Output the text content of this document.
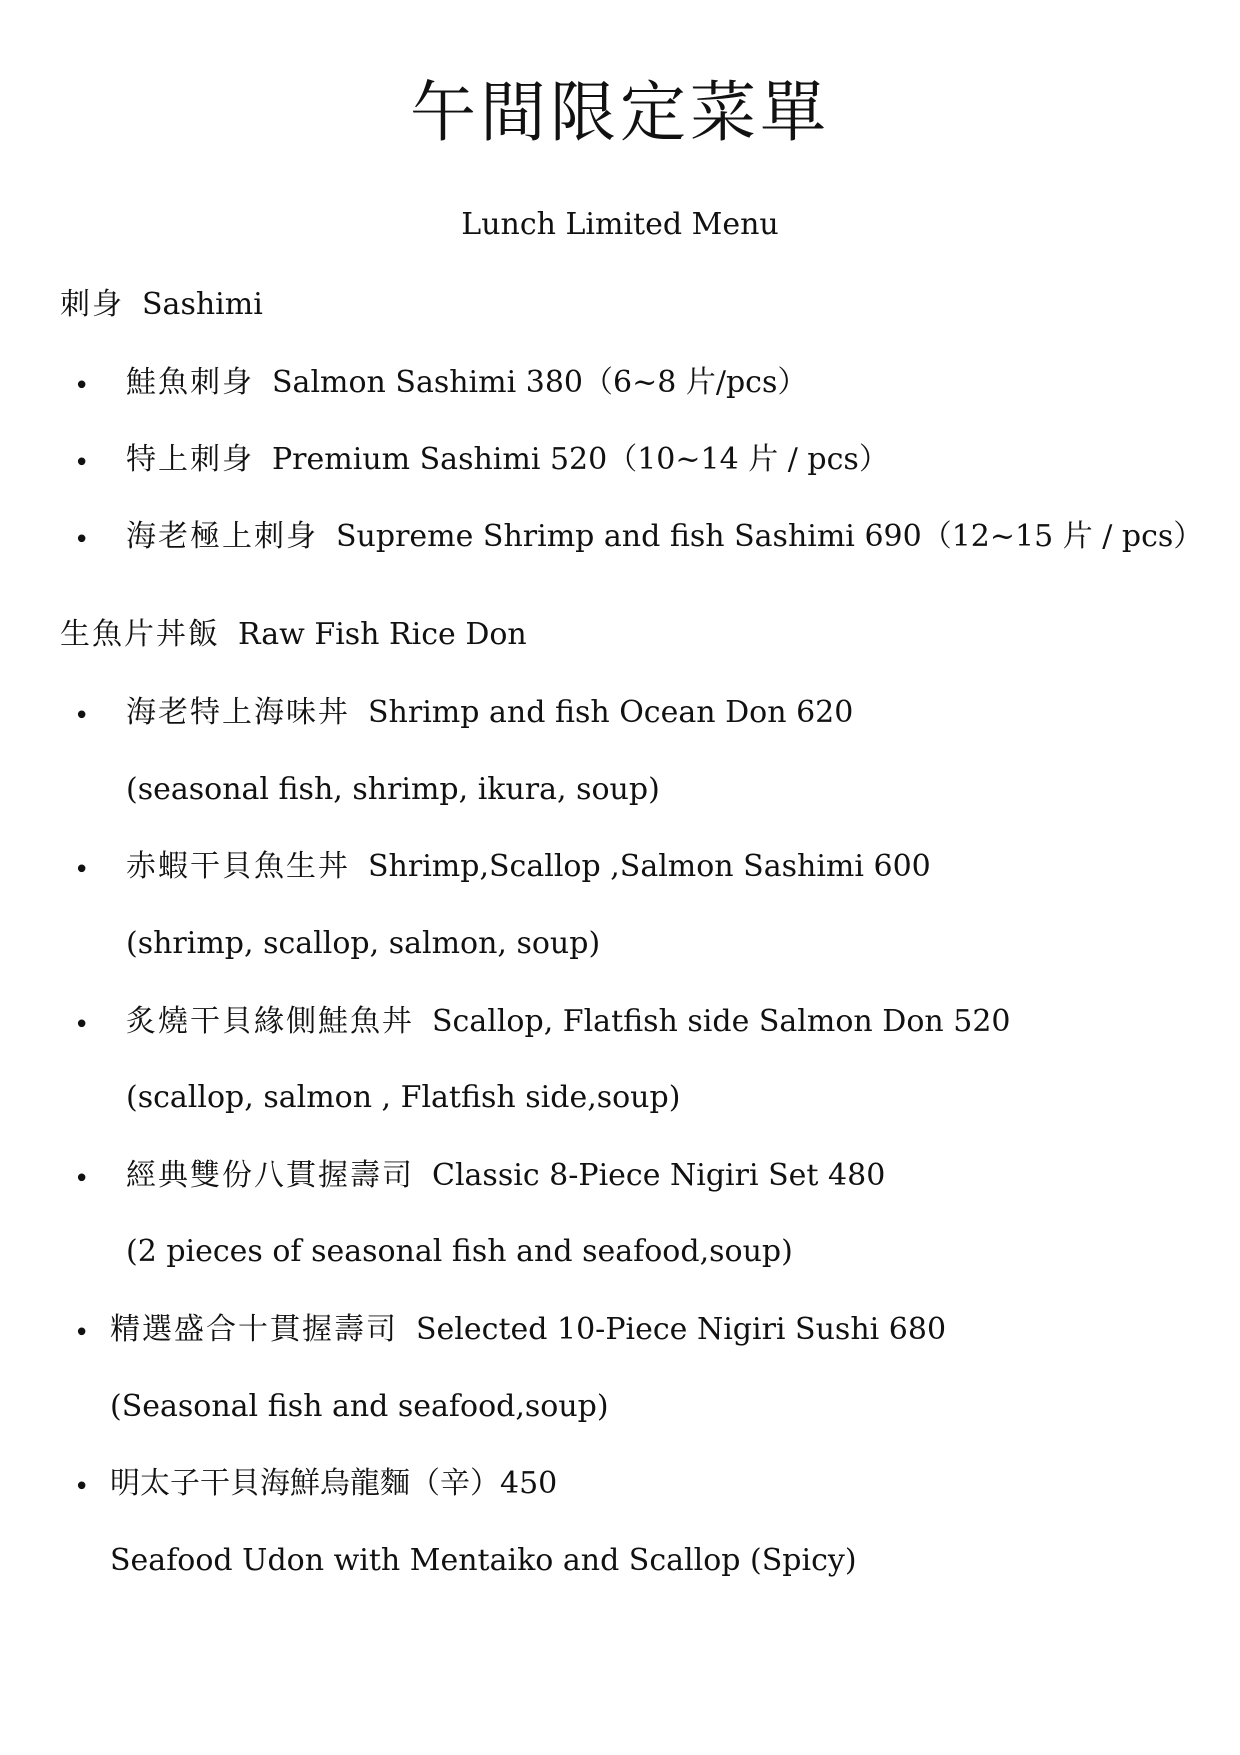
午間限定菜單
Lunch Limited Menu
刺身 Sashimi
• 鮭魚刺身 Salmon Sashimi 380（6~8 片/pcs）
• 特上刺身 Premium Sashimi 520（10~14 片 / pcs）
• 海老極上刺身 Supreme Shrimp and fish Sashimi 690（12~15 片 / pcs）
生魚片丼飯 Raw Fish Rice Don
• 海老特上海味丼 Shrimp and fish Ocean Don 620
(seasonal fish, shrimp, ikura, soup)
• 赤蝦干貝魚生丼 Shrimp,Scallop ,Salmon Sashimi 600
(shrimp, scallop, salmon, soup)
• 炙燒干貝緣側鮭魚丼 Scallop, Flatfish side Salmon Don 520
(scallop, salmon , Flatfish side,soup)
• 經典雙份八貫握壽司 Classic 8-Piece Nigiri Set 480
(2 pieces of seasonal fish and seafood,soup)
• 精選盛合十貫握壽司 Selected 10-Piece Nigiri Sushi 680
(Seasonal fish and seafood,soup)
• 明太子干貝海鮮烏龍麵（辛）450
Seafood Udon with Mentaiko and Scallop (Spicy)
